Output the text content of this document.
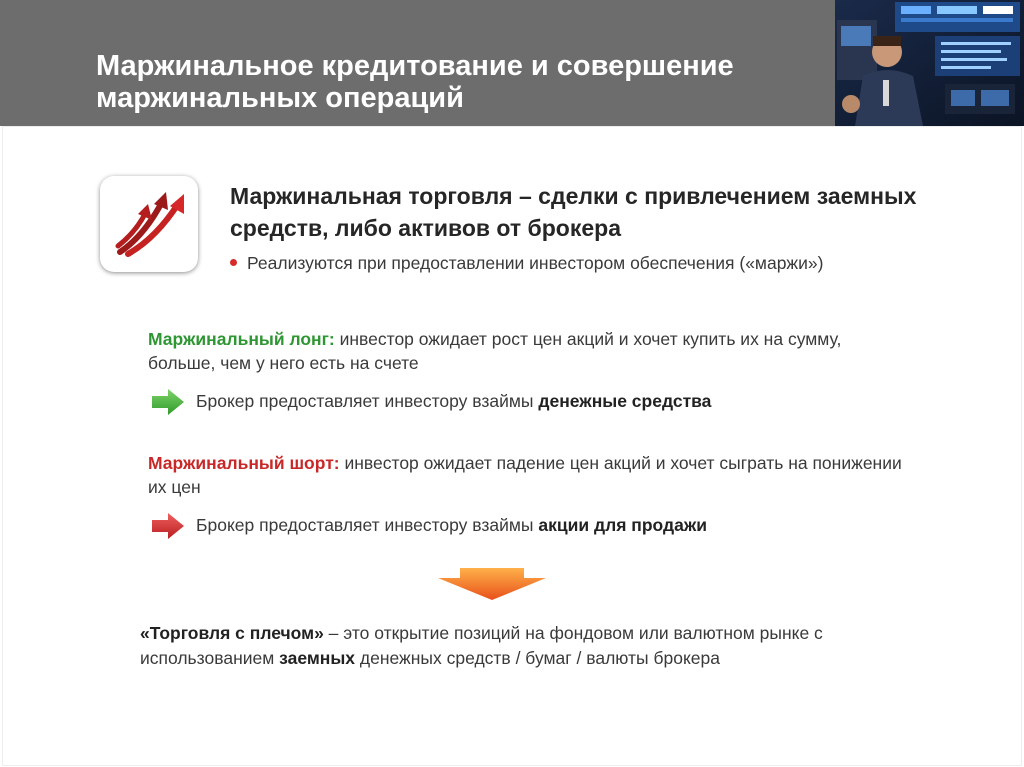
Маржинальное кредитование и совершение маржинальных операций
Маржинальная торговля – сделки с привлечением заемных средств, либо активов от брокера
Реализуются при предоставлении инвестором обеспечения («маржи»)
Маржинальный лонг: инвестор ожидает рост цен акций и хочет купить их на сумму, больше, чем у него есть на счете
Брокер предоставляет инвестору взаймы денежные средства
Маржинальный шорт: инвестор ожидает падение цен акций и хочет сыграть на понижении их цен
Брокер предоставляет инвестору взаймы акции для продажи
«Торговля с плечом» – это открытие позиций на фондовом или валютном рынке с использованием заемных денежных средств / бумаг / валюты брокера
